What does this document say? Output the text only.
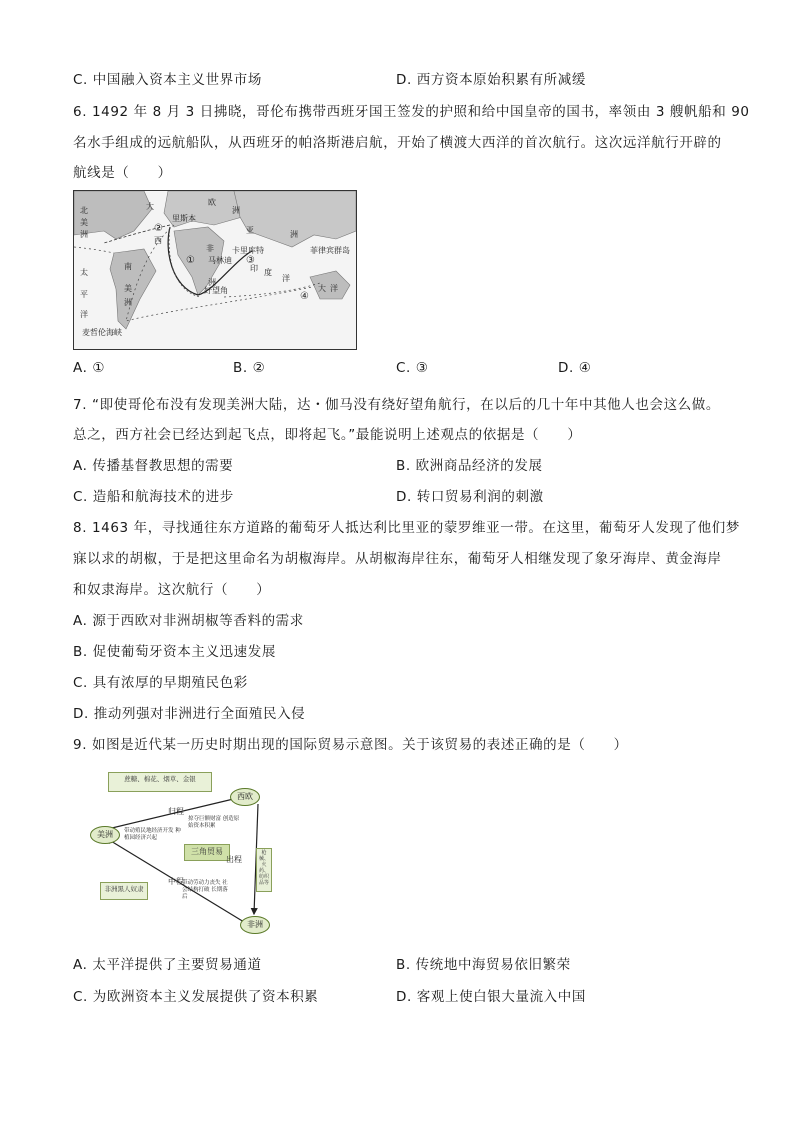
C. 中国融入资本主义世界市场	D. 西方资本原始积累有所减缓
6. 1492 年 8 月 3 日拂晓，哥伦布携带西班牙国王签发的护照和给中国皇帝的国书，率领由 3 艘帆船和 90
名水手组成的远航船队，从西班牙的帕洛斯港启航，开始了横渡大西洋的首次航行。这次远洋航行开辟的
航线是（　　）
北
美
洲
大
西
里斯本
欧
洲
亚	洲
非
洲
卡里库特
马林迪
菲律宾群岛
好望角
南
美
洲
太
平
洋
印 度
洋
大 洋
麦哲伦海峡
①
②
③
④
A. ①	B. ②	C. ③	D. ④
7. “即使哥伦布没有发现美洲大陆，达・伽马没有绕好望角航行，在以后的几十年中其他人也会这么做。
总之，西方社会已经达到起飞点，即将起飞。”最能说明上述观点的依据是（　　）
A. 传播基督教思想的需要	B. 欧洲商品经济的发展
C. 造船和航海技术的进步	D. 转口贸易利润的刺激
8. 1463 年，寻找通往东方道路的葡萄牙人抵达利比里亚的蒙罗维亚一带。在这里，葡萄牙人发现了他们梦
寐以求的胡椒，于是把这里命名为胡椒海岸。从胡椒海岸往东，葡萄牙人相继发现了象牙海岸、黄金海岸
和奴隶海岸。这次航行（　　）
A. 源于西欧对非洲胡椒等香料的需求
B. 促使葡萄牙资本主义迅速发展
C. 具有浓厚的早期殖民色彩
D. 推动列强对非洲进行全面殖民入侵
9. 如图是近代某一历史时期出现的国际贸易示意图。关于该贸易的表述正确的是（　　）
蔗糖、棉花、烟草、金银
归程
西欧
美洲
非洲
三角贸易
中程
出程
掠夺巨额财富 创造原始资本积累
带动殖民地经济开发 种植园经济兴起
带动劳动力丧失 社会结构打破 长期落后
枪械、火药、纺织品等
非洲黑人奴隶
A. 太平洋提供了主要贸易通道	B. 传统地中海贸易依旧繁荣
C. 为欧洲资本主义发展提供了资本积累	D. 客观上使白银大量流入中国
